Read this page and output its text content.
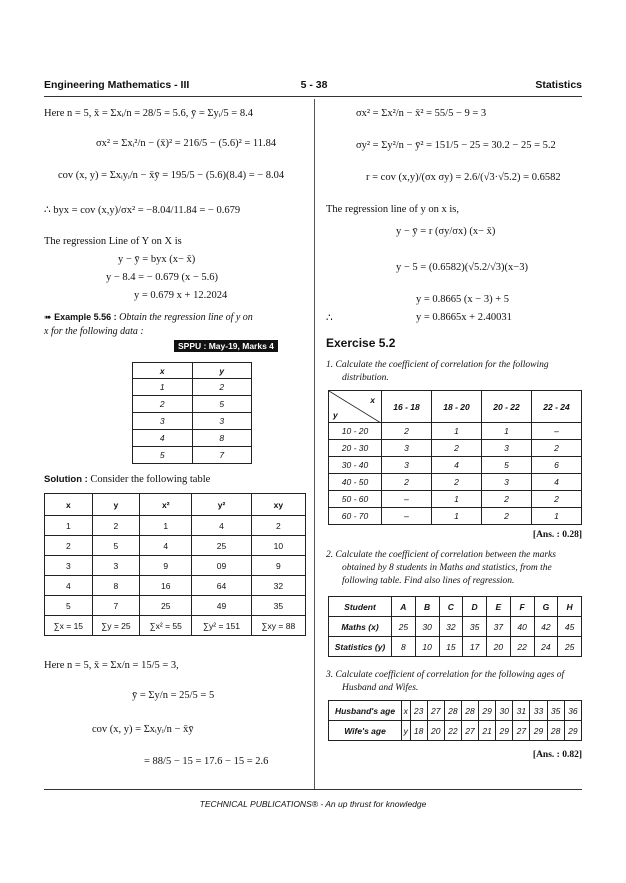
Engineering Mathematics - III	5 - 38	Statistics
Here n = 5, x̄ = Σxᵢ/n = 28/5 = 5.6, ȳ = Σyᵢ/5 = 8.4
σx² = Σxᵢ²/n − (x̄)² = 216/5 − (5.6)² = 11.84
cov (x, y) = Σxᵢyᵢ/n − x̄ȳ = 195/5 − (5.6)(8.4) = − 8.04
∴ byx = cov (x,y)/σx² = −8.04/11.84 = − 0.679
The regression Line of Y on X is
y − ȳ = byx (x− x̄)
y − 8.4 = − 0.679 (x − 5.6)
y = 0.679 x + 12.2024
➠ Example 5.56 : Obtain the regression line of y on
x for the following data :
SPPU : May-19, Marks 4
x	y
1	2
2	5
3	3
4	8
5	7
Solution : Consider the following table
x	y	x²	y²	xy
1	2	1	4	2
2	5	4	25	10
3	3	9	09	9
4	8	16	64	32
5	7	25	49	35
∑x = 15	∑y = 25	∑x² = 55	∑y² = 151	∑xy = 88
Here n = 5, x̄ = Σx/n = 15/5 = 3,
ȳ = Σy/n = 25/5 = 5
cov (x, y) = Σxᵢyᵢ/n − x̄ȳ
= 88/5 − 15 = 17.6 − 15 = 2.6
σx² = Σx²/n − x̄² = 55/5 − 9 = 3
σy² = Σy²/n − ȳ² = 151/5 − 25 = 30.2 − 25 = 5.2
r = cov (x,y)/(σx σy) = 2.6/(√3·√5.2) = 0.6582
The regression line of y on x is,
y − ȳ = r (σy/σx) (x− x̄)
y − 5 = (0.6582)(√5.2/√3)(x−3)
y = 0.8665 (x − 3) + 5
∴	y = 0.8665x + 2.40031
Exercise 5.2
1. Calculate the coefficient of correlation for the following
distribution.
x
y	16 - 18	18 - 20	20 - 22	22 - 24
10 - 20	2	1	1	–
20 - 30	3	2	3	2
30 - 40	3	4	5	6
40 - 50	2	2	3	4
50 - 60	–	1	2	2
60 - 70	–	1	2	1
[Ans. : 0.28]
2. Calculate the coefficient of correlation between the marks
obtained by 8 students in Maths and statistics, from the
following table. Find also lines of regression.
Student	A	B	C	D	E	F	G	H
Maths (x)	25	30	32	35	37	40	42	45
Statistics (y)	8	10	15	17	20	22	24	25
3. Calculate coefficient of correlation for the following ages of
Husband and Wifes.
Husband's age	x	23	27	28	28	29	30	31	33	35	36
Wife's age	y	18	20	22	27	21	29	27	29	28	29
[Ans. : 0.82]
TECHNICAL PUBLICATIONS® - An up thrust for knowledge
